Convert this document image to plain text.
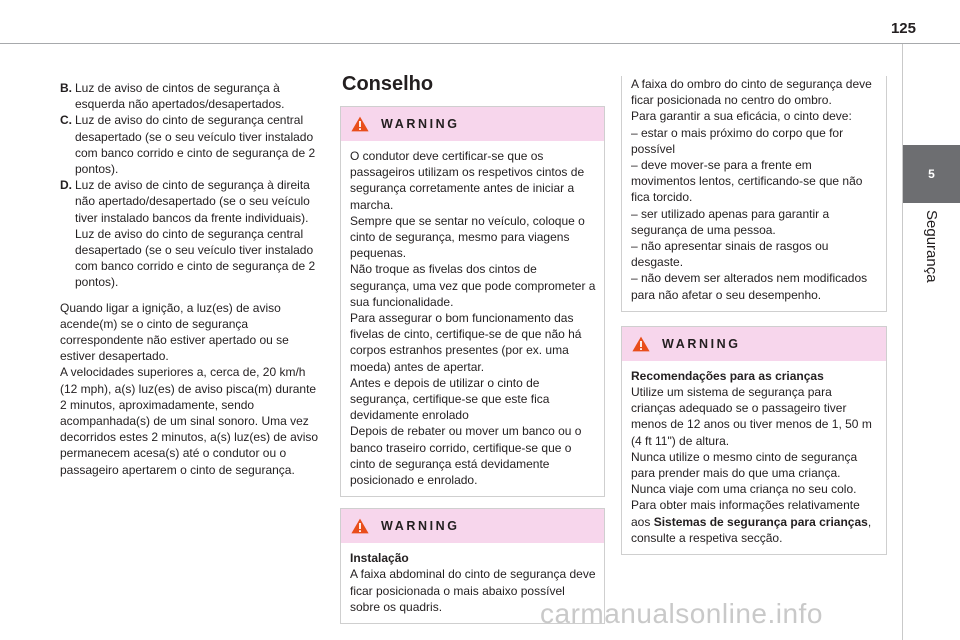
125
5
Segurança
B. Luz de aviso de cintos de segurança à esquerda não apertados/desapertados.
C. Luz de aviso do cinto de segurança central desapertado (se o seu veículo tiver instalado com banco corrido e cinto de segurança de 2 pontos).
D. Luz de aviso de cinto de segurança à direita não apertado/desapertado (se o seu veículo tiver instalado bancos da frente individuais). Luz de aviso do cinto de segurança central desapertado (se o seu veículo tiver instalado com banco corrido e cinto de segurança de 2 pontos).
Quando ligar a ignição, a luz(es) de aviso acende(m) se o cinto de segurança correspondente não estiver apertado ou se estiver desapertado.
A velocidades superiores a, cerca de, 20 km/h (12 mph), a(s) luz(es) de aviso pisca(m) durante 2 minutos, aproximadamente, sendo acompanhada(s) de um sinal sonoro. Uma vez decorridos estes 2 minutos, a(s) luz(es) de aviso permanecem acesa(s) até o condutor ou o passageiro apertarem o cinto de segurança.
Conselho
WARNING
O condutor deve certificar-se que os passageiros utilizam os respetivos cintos de segurança corretamente antes de iniciar a marcha.
Sempre que se sentar no veículo, coloque o cinto de segurança, mesmo para viagens pequenas.
Não troque as fivelas dos cintos de segurança, uma vez que pode comprometer a sua funcionalidade.
Para assegurar o bom funcionamento das fivelas de cinto, certifique-se de que não há corpos estranhos presentes (por ex. uma moeda) antes de apertar.
Antes e depois de utilizar o cinto de segurança, certifique-se que este fica devidamente enrolado
Depois de rebater ou mover um banco ou o banco traseiro corrido, certifique-se que o cinto de segurança está devidamente posicionado e enrolado.
WARNING
Instalação
A faixa abdominal do cinto de segurança deve ficar posicionada o mais abaixo possível sobre os quadris.
A faixa do ombro do cinto de segurança deve ficar posicionada no centro do ombro.
Para garantir a sua eficácia, o cinto deve:
– estar o mais próximo do corpo que for possível
– deve mover-se para a frente em movimentos lentos, certificando-se que não fica torcido.
– ser utilizado apenas para garantir a segurança de uma pessoa.
– não apresentar sinais de rasgos ou desgaste.
– não devem ser alterados nem modificados para não afetar o seu desempenho.
WARNING
Recomendações para as crianças
Utilize um sistema de segurança para crianças adequado se o passageiro tiver menos de 12 anos ou tiver menos de 1, 50 m (4 ft 11") de altura.
Nunca utilize o mesmo cinto de segurança para prender mais do que uma criança.
Nunca viaje com uma criança no seu colo.
Para obter mais informações relativamente aos Sistemas de segurança para crianças, consulte a respetiva secção.
carmanualsonline.info
